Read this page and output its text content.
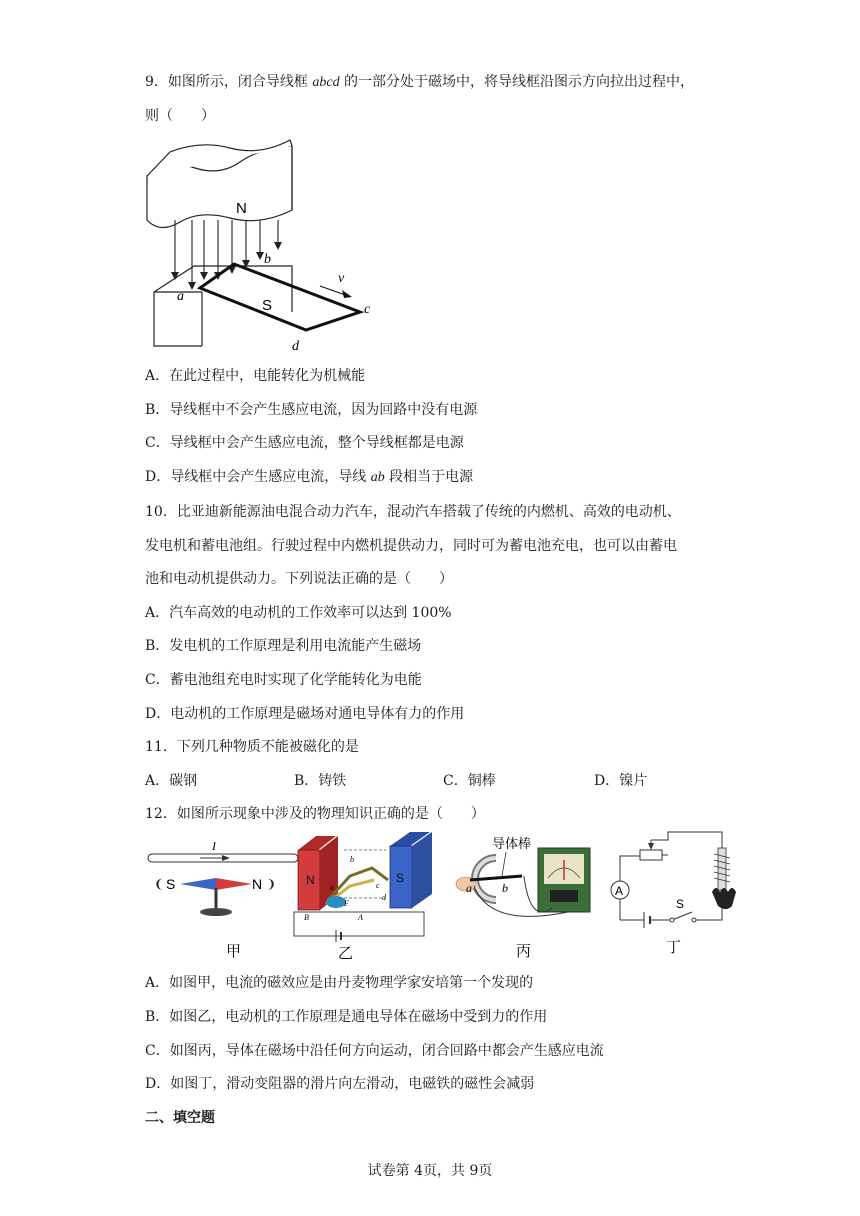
9．如图所示，闭合导线框 abcd 的一部分处于磁场中，将导线框沿图示方向拉出过程中，
则（　　）
N
S
a
b
c
d
v
A．在此过程中，电能转化为机械能
B．导线框中不会产生感应电流，因为回路中没有电源
C．导线框中会产生感应电流，整个导线框都是电源
D．导线框中会产生感应电流，导线 ab 段相当于电源
10．比亚迪新能源油电混合动力汽车，混动汽车搭载了传统的内燃机、高效的电动机、
发电机和蓄电池组。行驶过程中内燃机提供动力，同时可为蓄电池充电，也可以由蓄电
池和电动机提供动力。下列说法正确的是（　　）
A．汽车高效的电动机的工作效率可以达到 100%
B．发电机的工作原理是利用电流能产生磁场
C．蓄电池组充电时实现了化学能转化为电能
D．电动机的工作原理是磁场对通电导体有力的作用
11．下列几种物质不能被磁化的是
A．碳钢	B．铸铁	C．铜棒	D．镍片
12．如图所示现象中涉及的物理知识正确的是（　　）
I
❨ S	N ❩
甲
N	S
b
a	c
d
F
B	A
乙
导体棒
a	b
丙
A
S
丁
A．如图甲，电流的磁效应是由丹麦物理学家安培第一个发现的
B．如图乙，电动机的工作原理是通电导体在磁场中受到力的作用
C．如图丙，导体在磁场中沿任何方向运动，闭合回路中都会产生感应电流
D．如图丁，滑动变阻器的滑片向左滑动，电磁铁的磁性会减弱
二、填空题
试卷第 4页，共 9页
